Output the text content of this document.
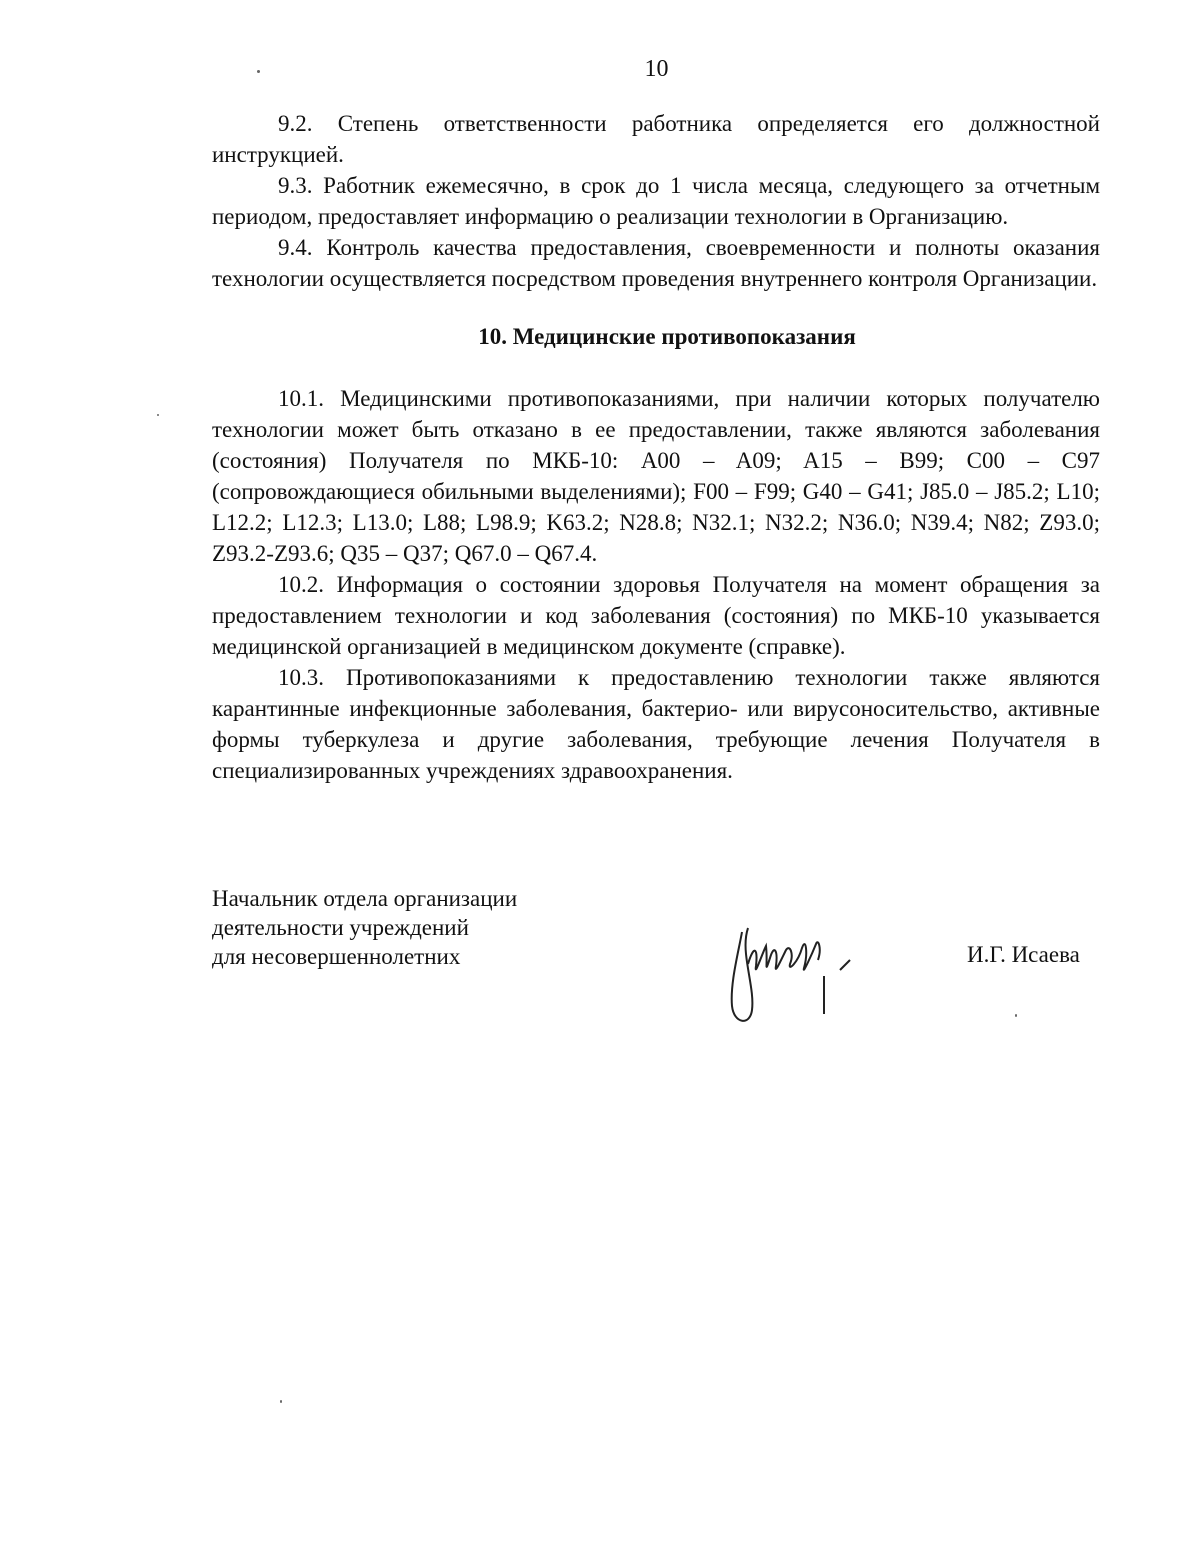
10

9.2. Степень ответственности работника определяется его должностной инструкцией.

9.3. Работник ежемесячно, в срок до 1 числа месяца, следующего за отчетным периодом, предоставляет информацию о реализации технологии в Организацию.

9.4. Контроль качества предоставления, своевременности и полноты оказания технологии осуществляется посредством проведения внутреннего контроля Организации.

10. Медицинские противопоказания

10.1. Медицинскими противопоказаниями, при наличии которых получателю технологии может быть отказано в ее предоставлении, также являются заболевания (состояния) Получателя по МКБ-10: A00 – A09; A15 – B99; C00 – C97 (сопровождающиеся обильными выделениями); F00 – F99; G40 – G41; J85.0 – J85.2; L10; L12.2; L12.3; L13.0; L88; L98.9; K63.2; N28.8; N32.1; N32.2; N36.0; N39.4; N82; Z93.0; Z93.2-Z93.6; Q35 – Q37; Q67.0 – Q67.4.

10.2. Информация о состоянии здоровья Получателя на момент обращения за предоставлением технологии и код заболевания (состояния) по МКБ-10 указывается медицинской организацией в медицинском документе (справке).

10.3. Противопоказаниями к предоставлению технологии также являются карантинные инфекционные заболевания, бактерио- или вирусоносительство, активные формы туберкулеза и другие заболевания, требующие лечения Получателя в специализированных учреждениях здравоохранения.

Начальник отдела организации
деятельности учреждений
для несовершеннолетних	И.Г. Исаева
